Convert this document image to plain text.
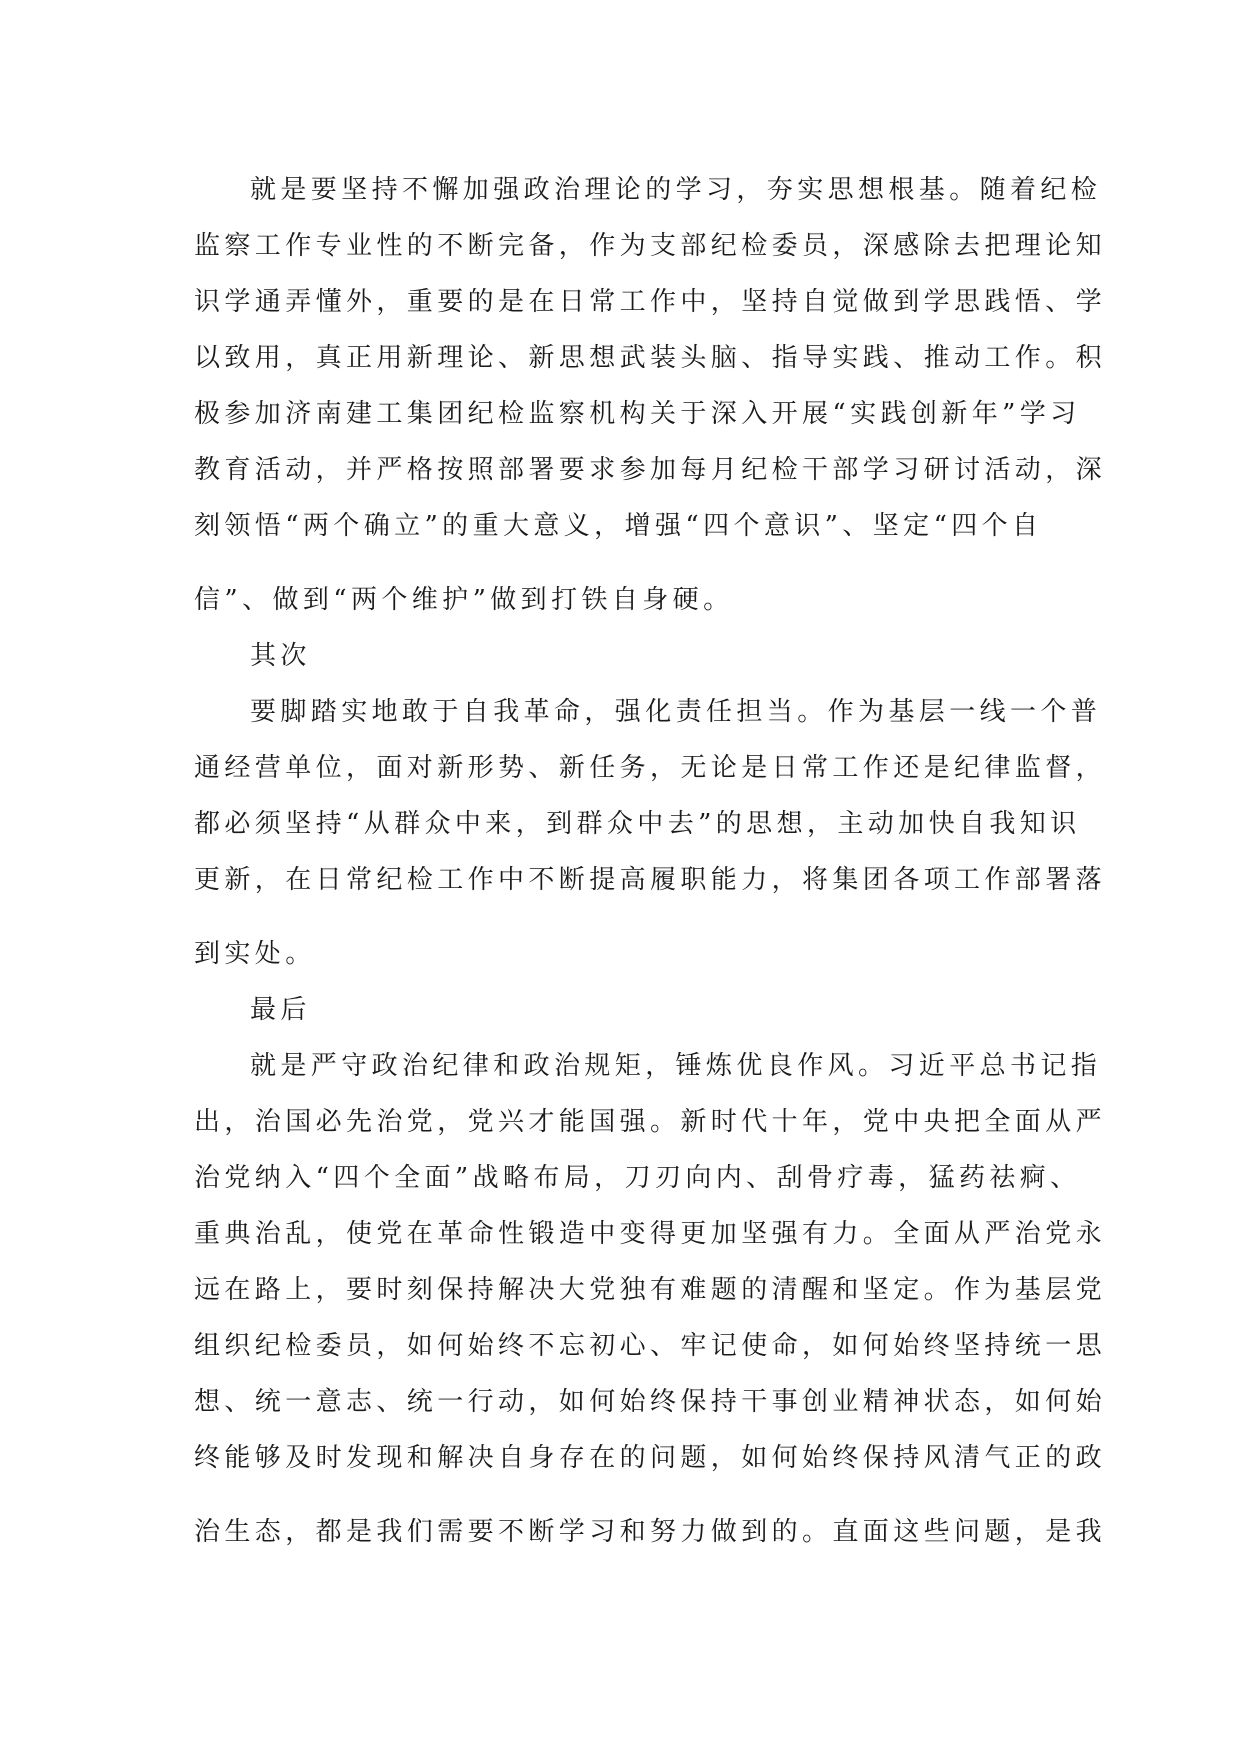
就是要坚持不懈加强政治理论的学习，夯实思想根基。随着纪检
监察工作专业性的不断完备，作为支部纪检委员，深感除去把理论知
识学通弄懂外，重要的是在日常工作中，坚持自觉做到学思践悟、学
以致用，真正用新理论、新思想武装头脑、指导实践、推动工作。积
极参加济南建工集团纪检监察机构关于深入开展“实践创新年”学习
教育活动，并严格按照部署要求参加每月纪检干部学习研讨活动，深
刻领悟“两个确立”的重大意义，增强“四个意识”、坚定“四个自
信”、做到“两个维护”做到打铁自身硬。
其次
要脚踏实地敢于自我革命，强化责任担当。作为基层一线一个普
通经营单位，面对新形势、新任务，无论是日常工作还是纪律监督，
都必须坚持“从群众中来，到群众中去”的思想，主动加快自我知识
更新，在日常纪检工作中不断提高履职能力，将集团各项工作部署落
到实处。
最后
就是严守政治纪律和政治规矩，锤炼优良作风。习近平总书记指
出，治国必先治党，党兴才能国强。新时代十年，党中央把全面从严
治党纳入“四个全面”战略布局，刀刃向内、刮骨疗毒，猛药祛痾、
重典治乱，使党在革命性锻造中变得更加坚强有力。全面从严治党永
远在路上，要时刻保持解决大党独有难题的清醒和坚定。作为基层党
组织纪检委员，如何始终不忘初心、牢记使命，如何始终坚持统一思
想、统一意志、统一行动，如何始终保持干事创业精神状态，如何始
终能够及时发现和解决自身存在的问题，如何始终保持风清气正的政
治生态，都是我们需要不断学习和努力做到的。直面这些问题，是我
